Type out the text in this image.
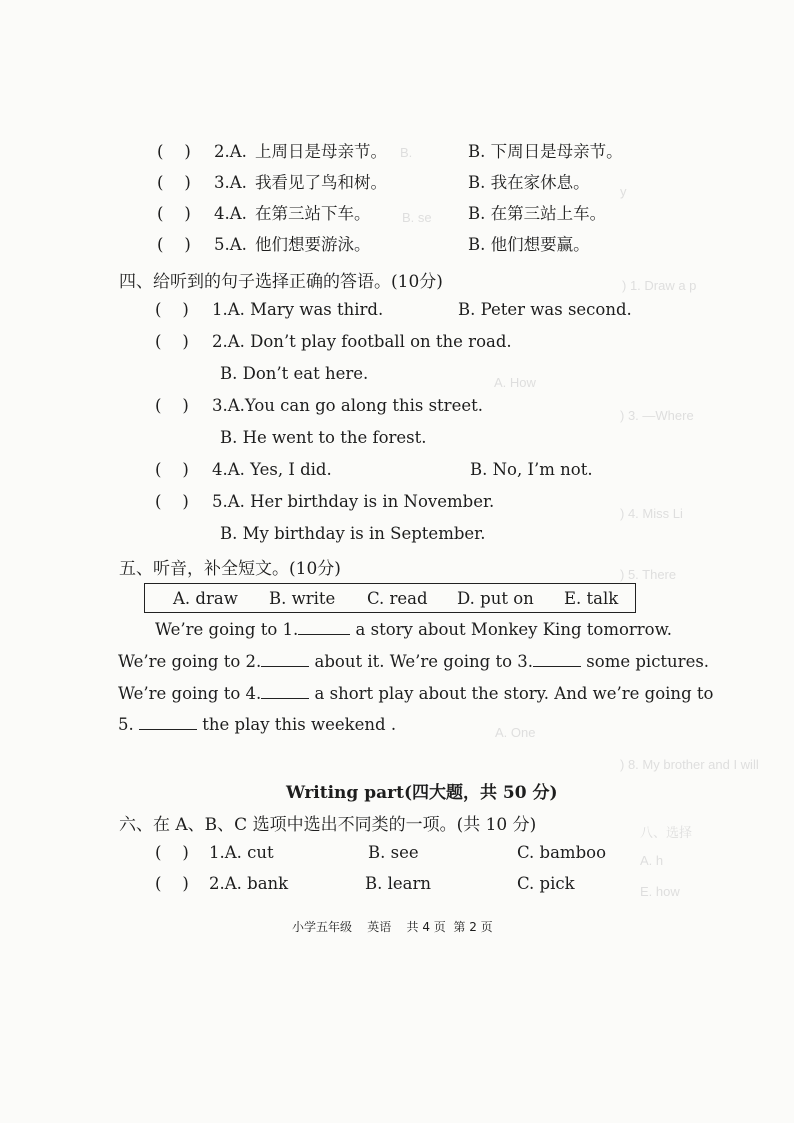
B.
y
B. se
) 1. Draw a p
A. How
) 3. —Where
) 4. Miss Li
) 5. There
A. One
) 8. My brother and I will
八、选择
A. h
E. how
(    ) 2.A. 上周日是母亲节。	B. 下周日是母亲节。
(    ) 3.A. 我看见了鸟和树。	B. 我在家休息。
(    ) 4.A. 在第三站下车。	B. 在第三站上车。
(    ) 5.A. 他们想要游泳。	B. 他们想要赢。
四、给听到的句子选择正确的答语。(10分)
(    ) 1.A. Mary was third.	B. Peter was second.
(    ) 2.A. Don’t play football on the road.
B. Don’t eat here.
(    ) 3.A.You can go along this street.
B. He went to the forest.
(    ) 4.A. Yes, I did.	B. No, I’m not.
(    ) 5.A. Her birthday is in November.
B. My birthday is in September.
五、听音，补全短文。(10分)
A. draw B. write C. read D. put on E. talk
We’re going to 1.	a story about Monkey King tomorrow.
We’re going to 2.	about it. We’re going to 3.	some pictures.
We’re going to 4.	a short play about the story. And we’re going to
5.	the play this weekend .
Writing part(四大题，共 50 分)
六、在 A、B、C 选项中选出不同类的一项。(共 10 分)
(    ) 1.A. cut	B. see	C. bamboo
(    ) 2.A. bank	B. learn	C. pick
小学五年级    英语    共 4 页  第 2 页
